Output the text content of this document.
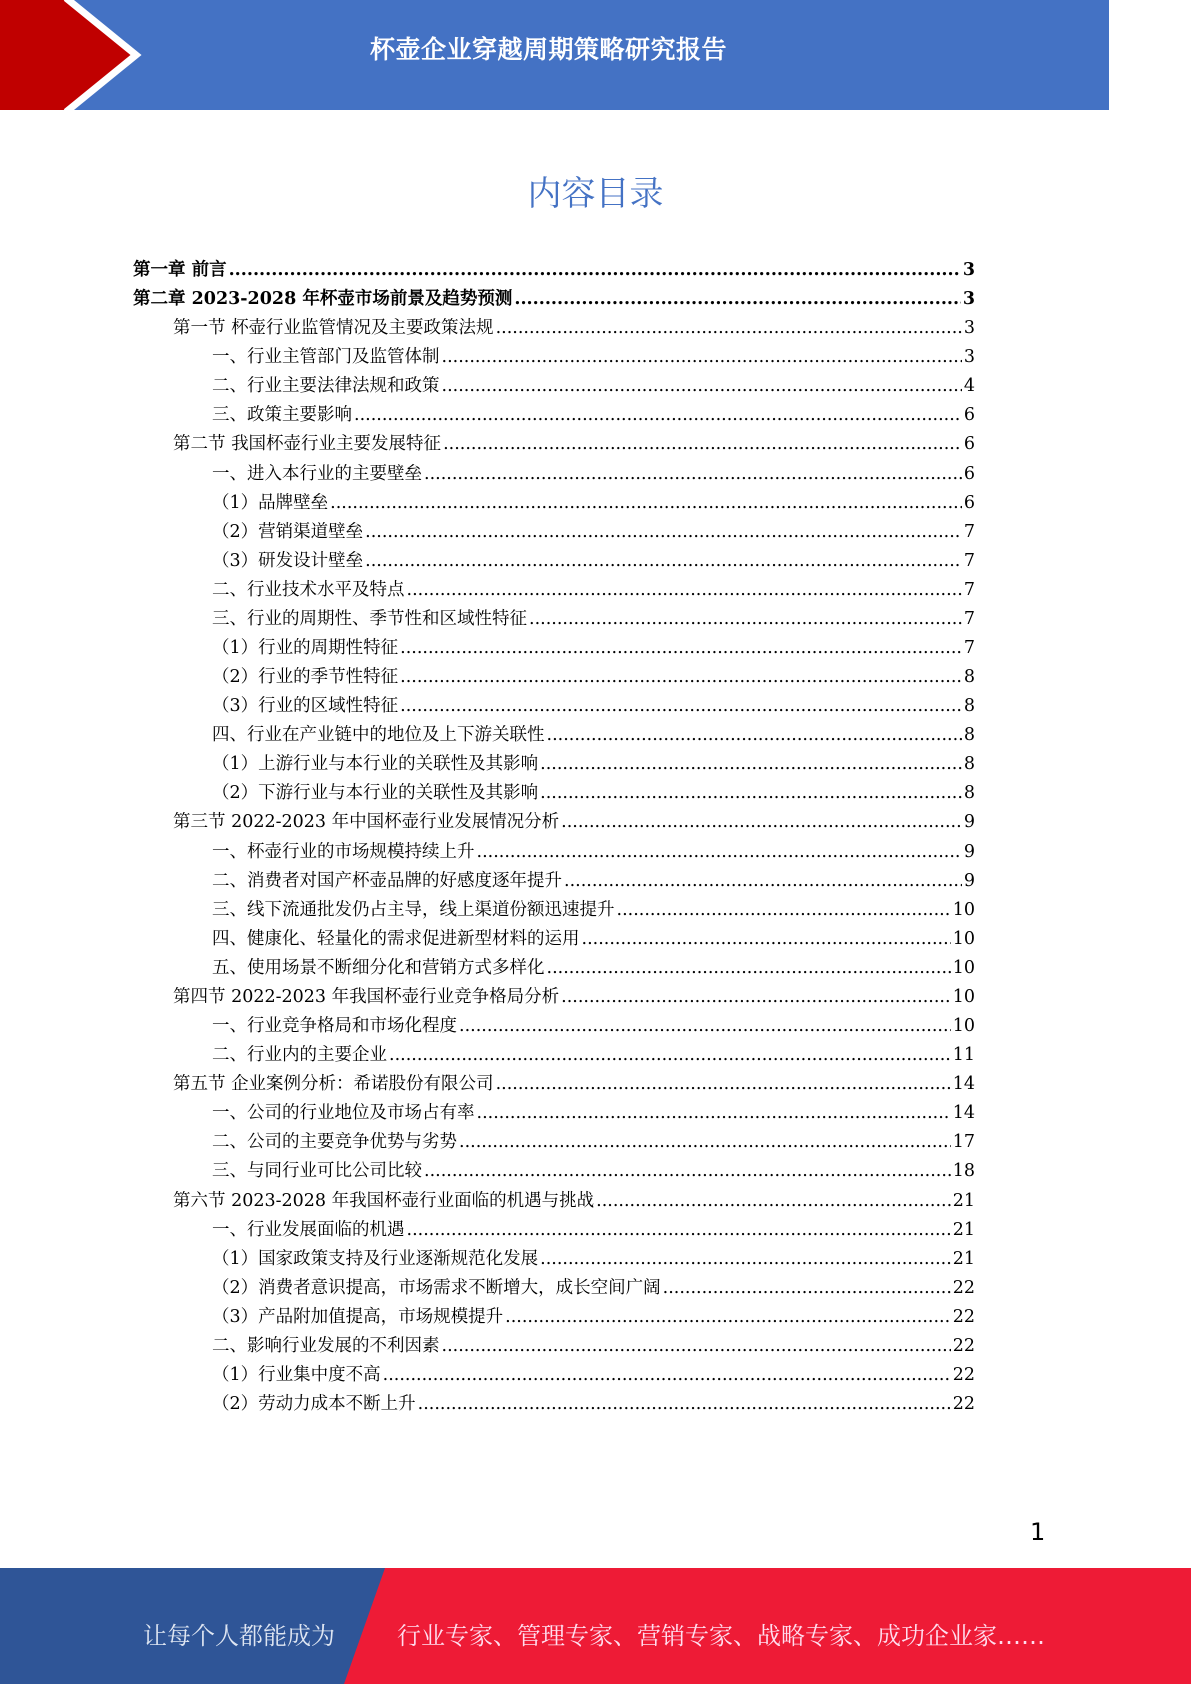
杯壶企业穿越周期策略研究报告
内容目录
第一章 前言 .....	3
第二章 2023-2028 年杯壶市场前景及趋势预测 .....	3
第一节 杯壶行业监管情况及主要政策法规 .....	3
一、行业主管部门及监管体制 .....	3
二、行业主要法律法规和政策 .....	4
三、政策主要影响 .....	6
第二节 我国杯壶行业主要发展特征 .....	6
一、进入本行业的主要壁垒 .....	6
（1）品牌壁垒 .....	6
（2）营销渠道壁垒 .....	7
（3）研发设计壁垒 .....	7
二、行业技术水平及特点 .....	7
三、行业的周期性、季节性和区域性特征 .....	7
（1）行业的周期性特征 .....	7
（2）行业的季节性特征 .....	8
（3）行业的区域性特征 .....	8
四、行业在产业链中的地位及上下游关联性 .....	8
（1）上游行业与本行业的关联性及其影响 .....	8
（2）下游行业与本行业的关联性及其影响 .....	8
第三节 2022-2023 年中国杯壶行业发展情况分析 .....	9
一、杯壶行业的市场规模持续上升 .....	9
二、消费者对国产杯壶品牌的好感度逐年提升 .....	9
三、线下流通批发仍占主导，线上渠道份额迅速提升 .....	10
四、健康化、轻量化的需求促进新型材料的运用 .....	10
五、使用场景不断细分化和营销方式多样化 .....	10
第四节 2022-2023 年我国杯壶行业竞争格局分析 .....	10
一、行业竞争格局和市场化程度 .....	10
二、行业内的主要企业 .....	11
第五节 企业案例分析：希诺股份有限公司 .....	14
一、公司的行业地位及市场占有率 .....	14
二、公司的主要竞争优势与劣势 .....	17
三、与同行业可比公司比较 .....	18
第六节 2023-2028 年我国杯壶行业面临的机遇与挑战 .....	21
一、行业发展面临的机遇 .....	21
（1）国家政策支持及行业逐渐规范化发展 .....	21
（2）消费者意识提高，市场需求不断增大，成长空间广阔 .....	22
（3）产品附加值提高，市场规模提升 .....	22
二、影响行业发展的不利因素 .....	22
（1）行业集中度不高 .....	22
（2）劳动力成本不断上升 .....	22
1
让每个人都能成为	行业专家、管理专家、营销专家、战略专家、成功企业家……
